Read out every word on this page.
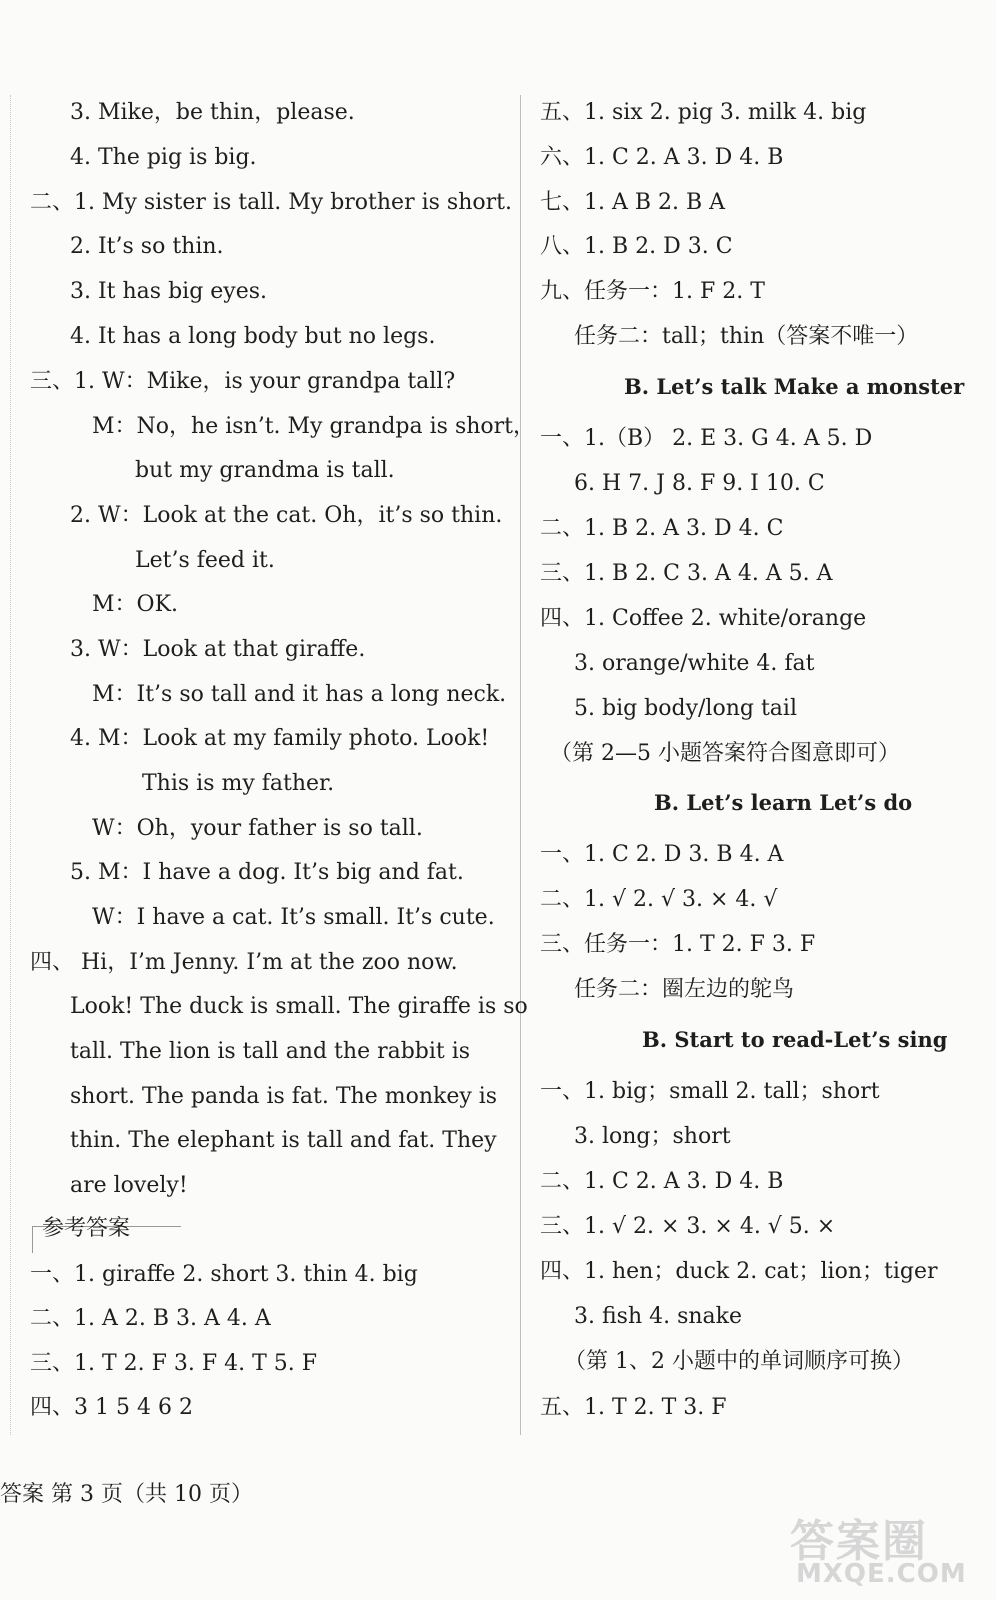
3. Mike，be thin，please.
4. The pig is big.
二、1. My sister is tall. My brother is short.
2. It’s so thin.
3. It has big eyes.
4. It has a long body but no legs.
三、1. W：Mike，is your grandpa tall?
M：No，he isn’t. My grandpa is short，
but my grandma is tall.
2. W：Look at the cat. Oh，it’s so thin.
Let’s feed it.
M：OK.
3. W：Look at that giraffe.
M：It’s so tall and it has a long neck.
4. M：Look at my family photo. Look!
This is my father.
W：Oh，your father is so tall.
5. M：I have a dog. It’s big and fat.
W：I have a cat. It’s small. It’s cute.
四、 Hi，I’m Jenny. I’m at the zoo now.
Look! The duck is small. The giraffe is so
tall. The lion is tall and the rabbit is
short. The panda is fat. The monkey is
thin. The elephant is tall and fat. They
are lovely!
参考答案
一、1. giraffe 2. short 3. thin 4. big
二、1. A 2. B 3. A 4. A
三、1. T 2. F 3. F 4. T 5. F
四、3 1 5 4 6 2
五、1. six 2. pig 3. milk 4. big
六、1. C 2. A 3. D 4. B
七、1. A B 2. B A
八、1. B 2. D 3. C
九、任务一：1. F 2. T
任务二：tall；thin（答案不唯一）
B. Let’s talk Make a monster
一、1.（B） 2. E 3. G 4. A 5. D
6. H 7. J 8. F 9. I 10. C
二、1. B 2. A 3. D 4. C
三、1. B 2. C 3. A 4. A 5. A
四、1. Coffee 2. white/orange
3. orange/white 4. fat
5. big body/long tail
（第 2—5 小题答案符合图意即可）
B. Let’s learn Let’s do
一、1. C 2. D 3. B 4. A
二、1. √ 2. √ 3. × 4. √
三、任务一：1. T 2. F 3. F
任务二：圈左边的鸵鸟
B. Start to read-Let’s sing
一、1. big；small 2. tall；short
3. long；short
二、1. C 2. A 3. D 4. B
三、1. √ 2. × 3. × 4. √ 5. ×
四、1. hen；duck 2. cat；lion；tiger
3. fish 4. snake
（第 1、2 小题中的单词顺序可换）
五、1. T 2. T 3. F
答案 第 3 页（共 10 页）
答案圈
MXQE.COM
